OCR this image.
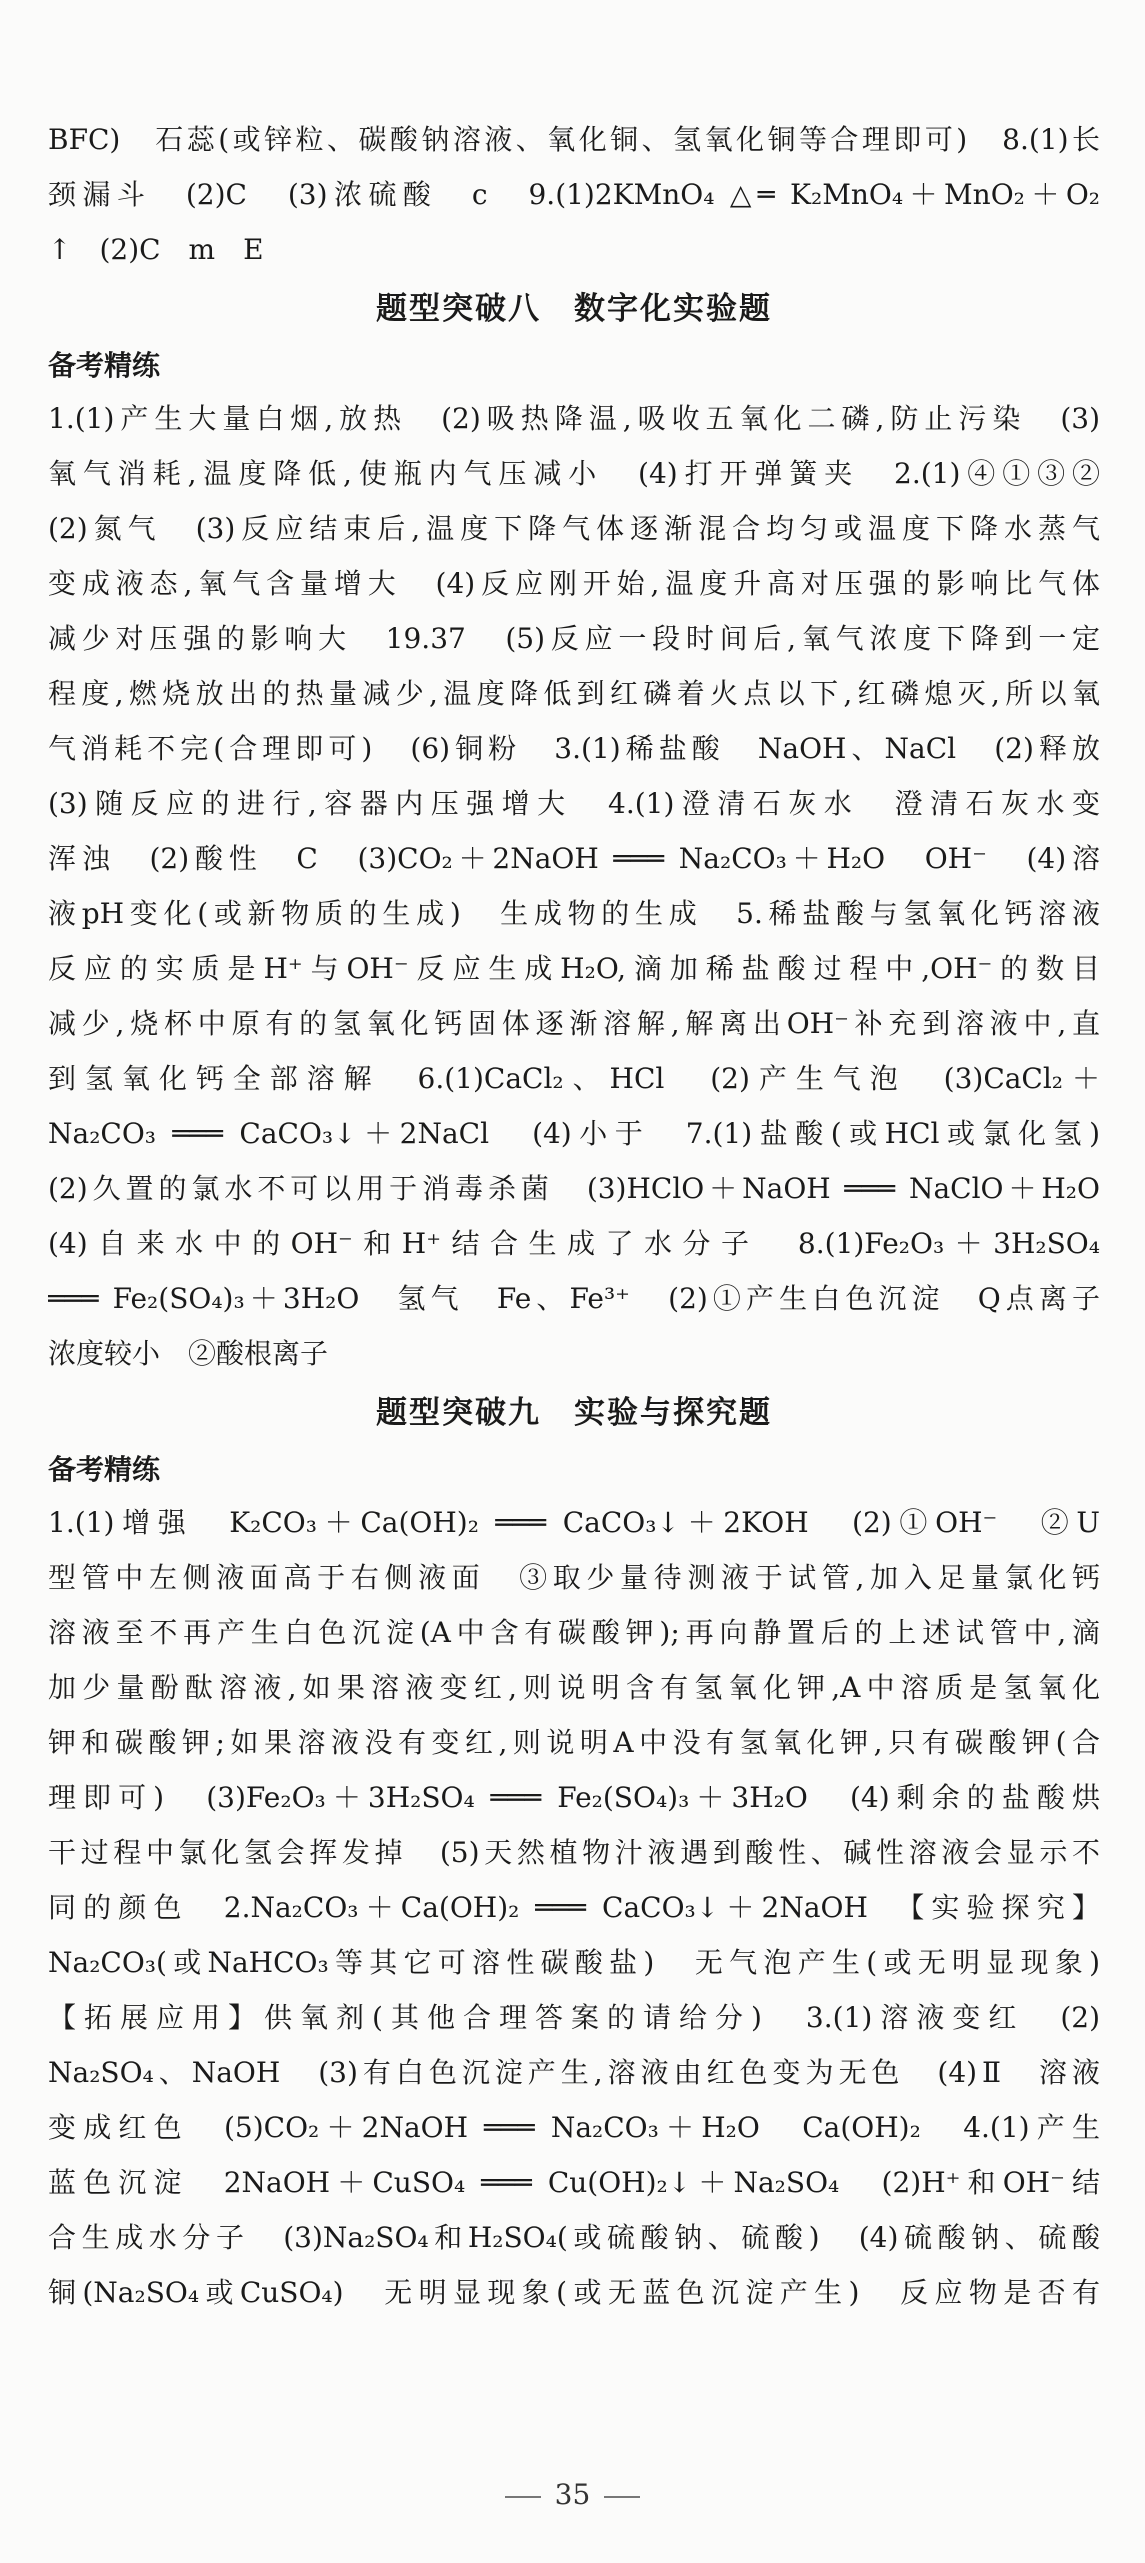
BFC)　石蕊(或锌粒、碳酸钠溶液、氧化铜、氢氧化铜等合理即可)　8.(1)长
颈漏斗　(2)C　(3)浓硫酸　c　9.(1)2KMnO₄ △═ K₂MnO₄＋MnO₂＋O₂
↑　(2)C　m　E
题型突破八　数字化实验题
备考精练
1.(1)产生大量白烟,放热　(2)吸热降温,吸收五氧化二磷,防止污染　(3)
氧气消耗,温度降低,使瓶内气压减小　(4)打开弹簧夹　2.(1)④①③②
(2)氮气　(3)反应结束后,温度下降气体逐渐混合均匀或温度下降水蒸气
变成液态,氧气含量增大　(4)反应刚开始,温度升高对压强的影响比气体
减少对压强的影响大　19.37　(5)反应一段时间后,氧气浓度下降到一定
程度,燃烧放出的热量减少,温度降低到红磷着火点以下,红磷熄灭,所以氧
气消耗不完(合理即可)　(6)铜粉　3.(1)稀盐酸　NaOH、NaCl　(2)释放
(3)随反应的进行,容器内压强增大　4.(1)澄清石灰水　澄清石灰水变
浑浊　(2)酸性　C　(3)CO₂＋2NaOH ═══ Na₂CO₃＋H₂O　OH⁻　(4)溶
液pH变化(或新物质的生成)　生成物的生成　5.稀盐酸与氢氧化钙溶液
反应的实质是H⁺与OH⁻反应生成H₂O,滴加稀盐酸过程中,OH⁻的数目
减少,烧杯中原有的氢氧化钙固体逐渐溶解,解离出OH⁻补充到溶液中,直
到氢氧化钙全部溶解　6.(1)CaCl₂、HCl　(2)产生气泡　(3)CaCl₂＋
Na₂CO₃ ═══ CaCO₃↓＋2NaCl　(4)小于　7.(1)盐酸(或HCl或氯化氢)
(2)久置的氯水不可以用于消毒杀菌　(3)HClO＋NaOH ═══ NaClO＋H₂O
(4)自来水中的OH⁻和H⁺结合生成了水分子　8.(1)Fe₂O₃＋3H₂SO₄
═══ Fe₂(SO₄)₃＋3H₂O　氢气　Fe、Fe³⁺　(2)①产生白色沉淀　Q点离子
浓度较小　②酸根离子
题型突破九　实验与探究题
备考精练
1.(1)增强　K₂CO₃＋Ca(OH)₂ ═══ CaCO₃↓＋2KOH　(2)①OH⁻　②U
型管中左侧液面高于右侧液面　③取少量待测液于试管,加入足量氯化钙
溶液至不再产生白色沉淀(A中含有碳酸钾);再向静置后的上述试管中,滴
加少量酚酞溶液,如果溶液变红,则说明含有氢氧化钾,A中溶质是氢氧化
钾和碳酸钾;如果溶液没有变红,则说明A中没有氢氧化钾,只有碳酸钾(合
理即可)　(3)Fe₂O₃＋3H₂SO₄ ═══ Fe₂(SO₄)₃＋3H₂O　(4)剩余的盐酸烘
干过程中氯化氢会挥发掉　(5)天然植物汁液遇到酸性、碱性溶液会显示不
同的颜色　2.Na₂CO₃＋Ca(OH)₂ ═══ CaCO₃↓＋2NaOH　【实验探究】
Na₂CO₃(或NaHCO₃等其它可溶性碳酸盐)　无气泡产生(或无明显现象)
【拓展应用】供氧剂(其他合理答案的请给分)　3.(1)溶液变红　(2)
Na₂SO₄、NaOH　(3)有白色沉淀产生,溶液由红色变为无色　(4)Ⅱ　溶液
变成红色　(5)CO₂＋2NaOH ═══ Na₂CO₃＋H₂O　Ca(OH)₂　4.(1)产生
蓝色沉淀　2NaOH＋CuSO₄ ═══ Cu(OH)₂↓＋Na₂SO₄　(2)H⁺和OH⁻结
合生成水分子　(3)Na₂SO₄和H₂SO₄(或硫酸钠、硫酸)　(4)硫酸钠、硫酸
铜(Na₂SO₄或CuSO₄)　无明显现象(或无蓝色沉淀产生)　反应物是否有
35
